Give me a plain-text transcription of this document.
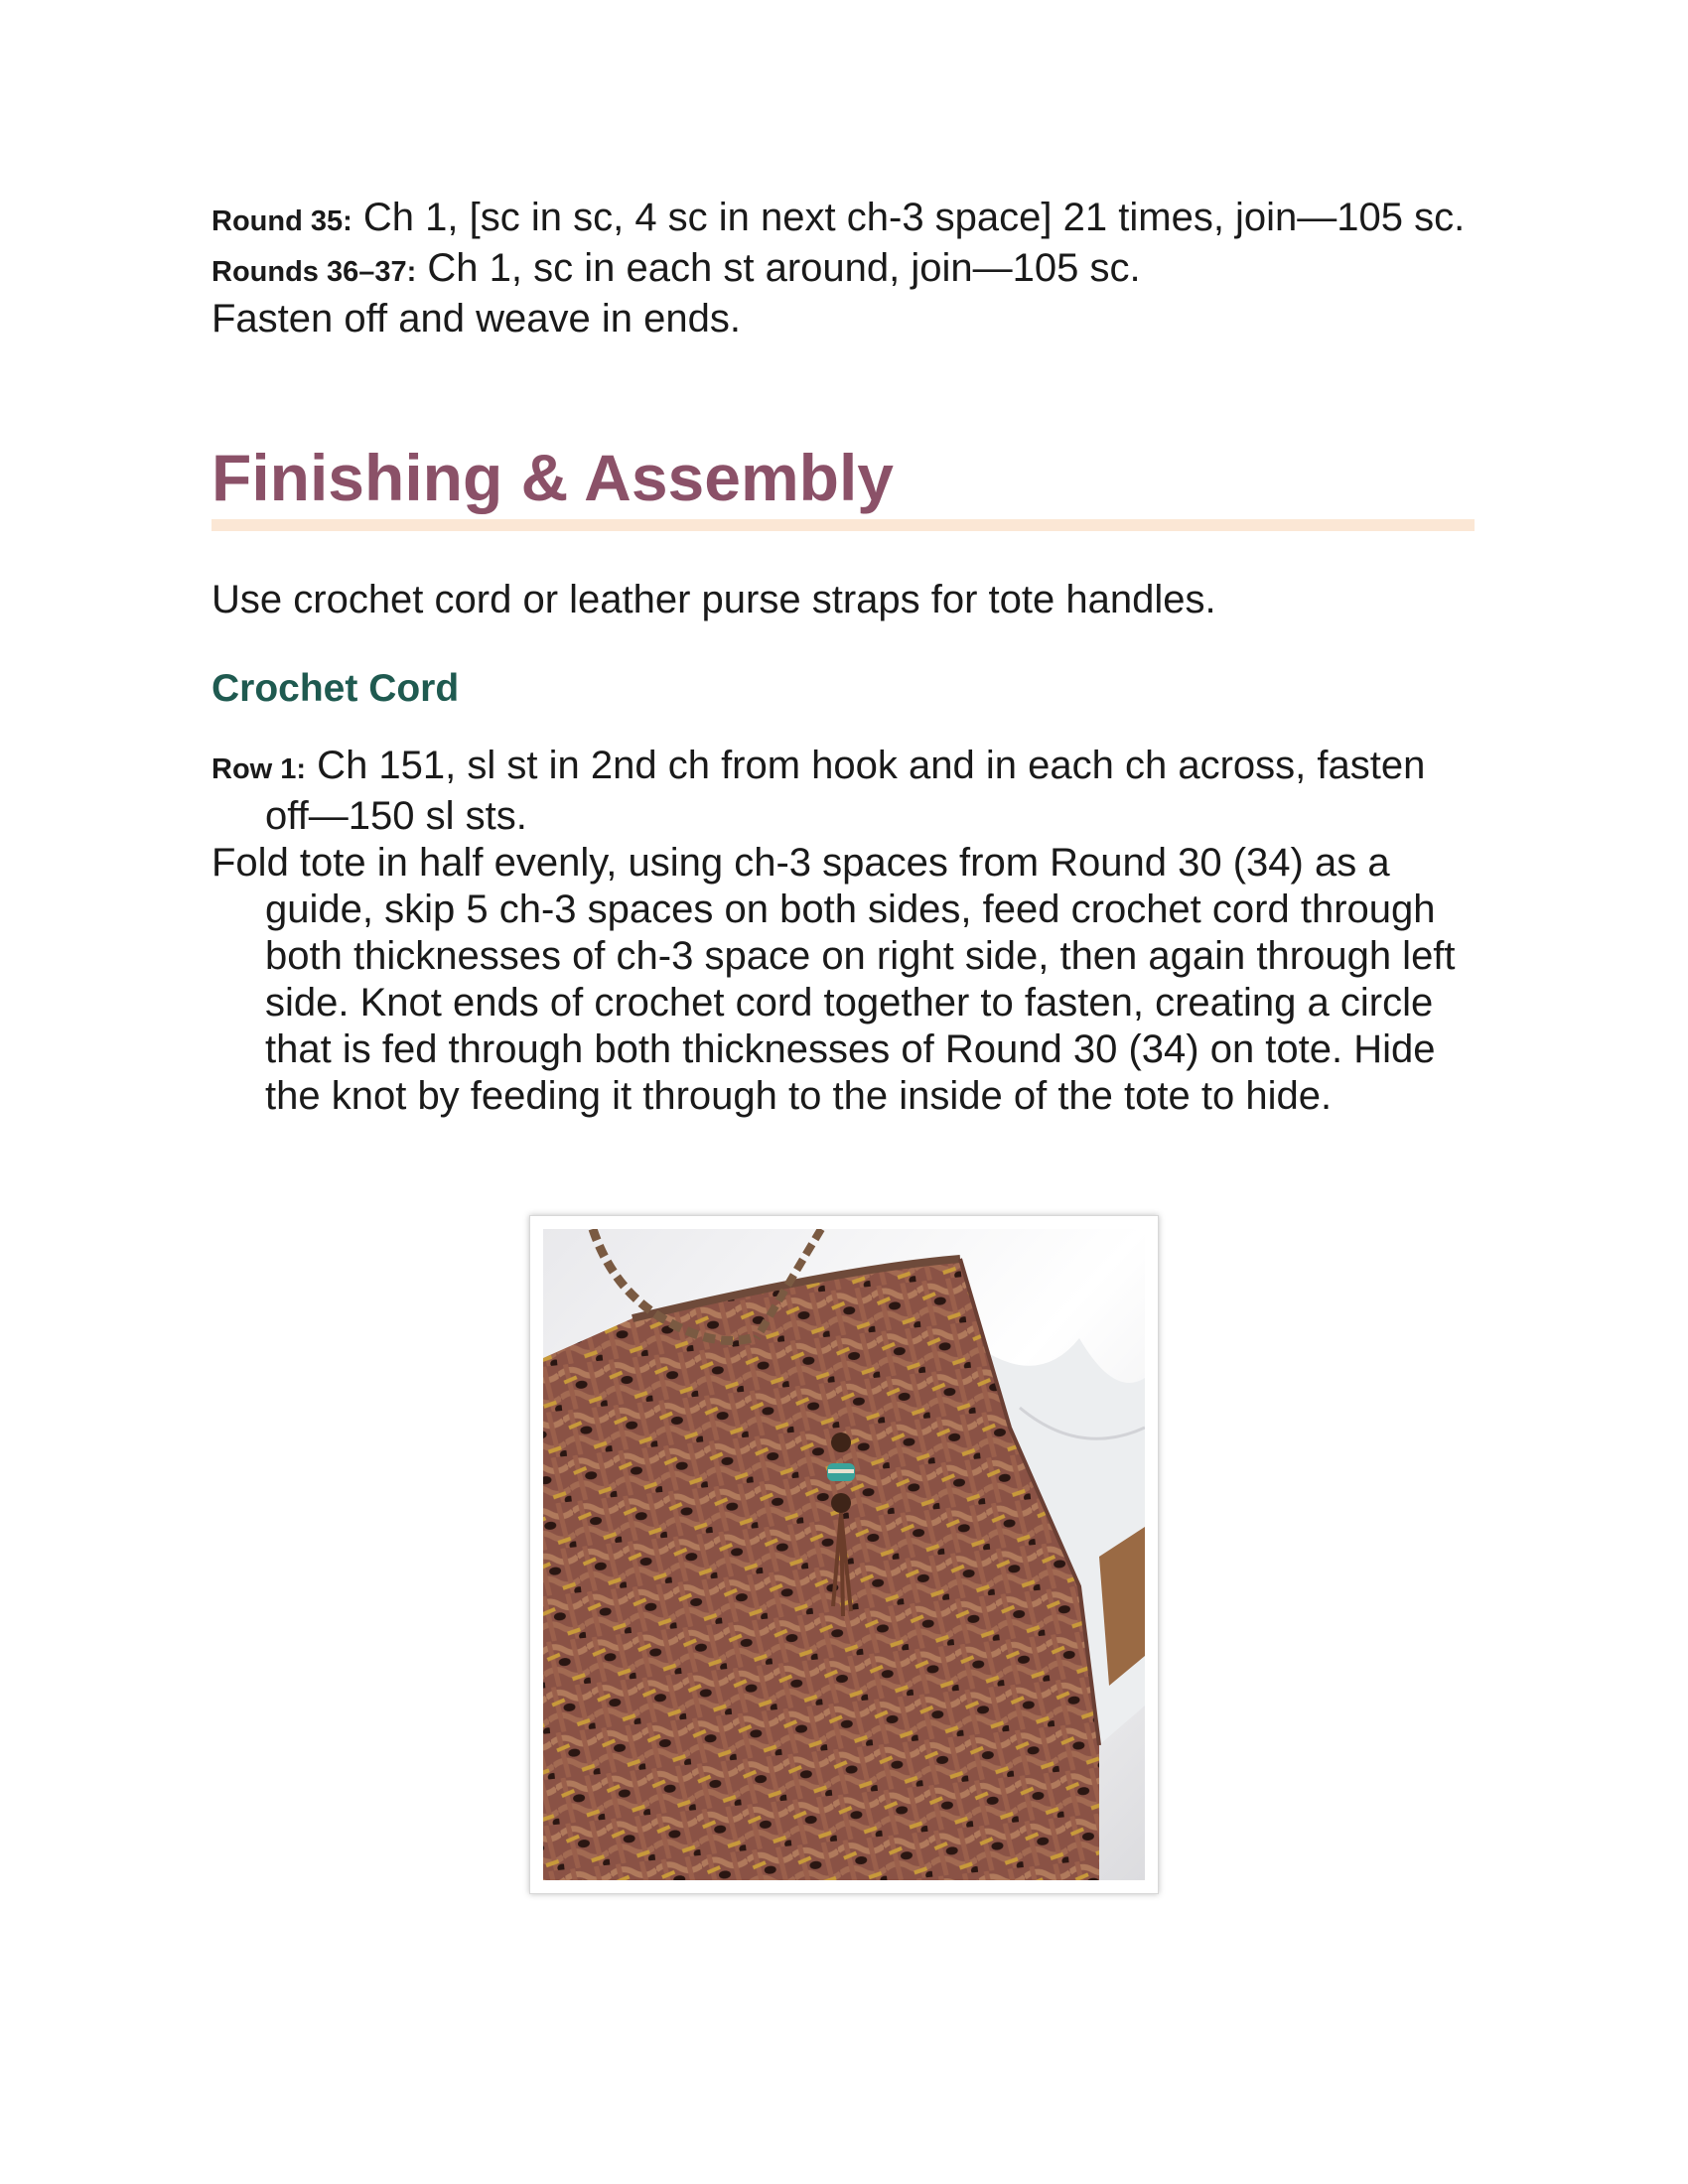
Round 35: Ch 1, [sc in sc, 4 sc in next ch-3 space] 21 times, join—105 sc.

Rounds 36–37: Ch 1, sc in each st around, join—105 sc.

Fasten off and weave in ends.

Finishing & Assembly

Use crochet cord or leather purse straps for tote handles.

Crochet Cord

Row 1: Ch 151, sl st in 2nd ch from hook and in each ch across, fasten off—150 sl sts.

Fold tote in half evenly, using ch-3 spaces from Round 30 (34) as a guide, skip 5 ch-3 spaces on both sides, feed crochet cord through both thicknesses of ch-3 space on right side, then again through left side. Knot ends of crochet cord together to fasten, creating a circle that is fed through both thicknesses of Round 30 (34) on tote. Hide the knot by feeding it through to the inside of the tote to hide.
